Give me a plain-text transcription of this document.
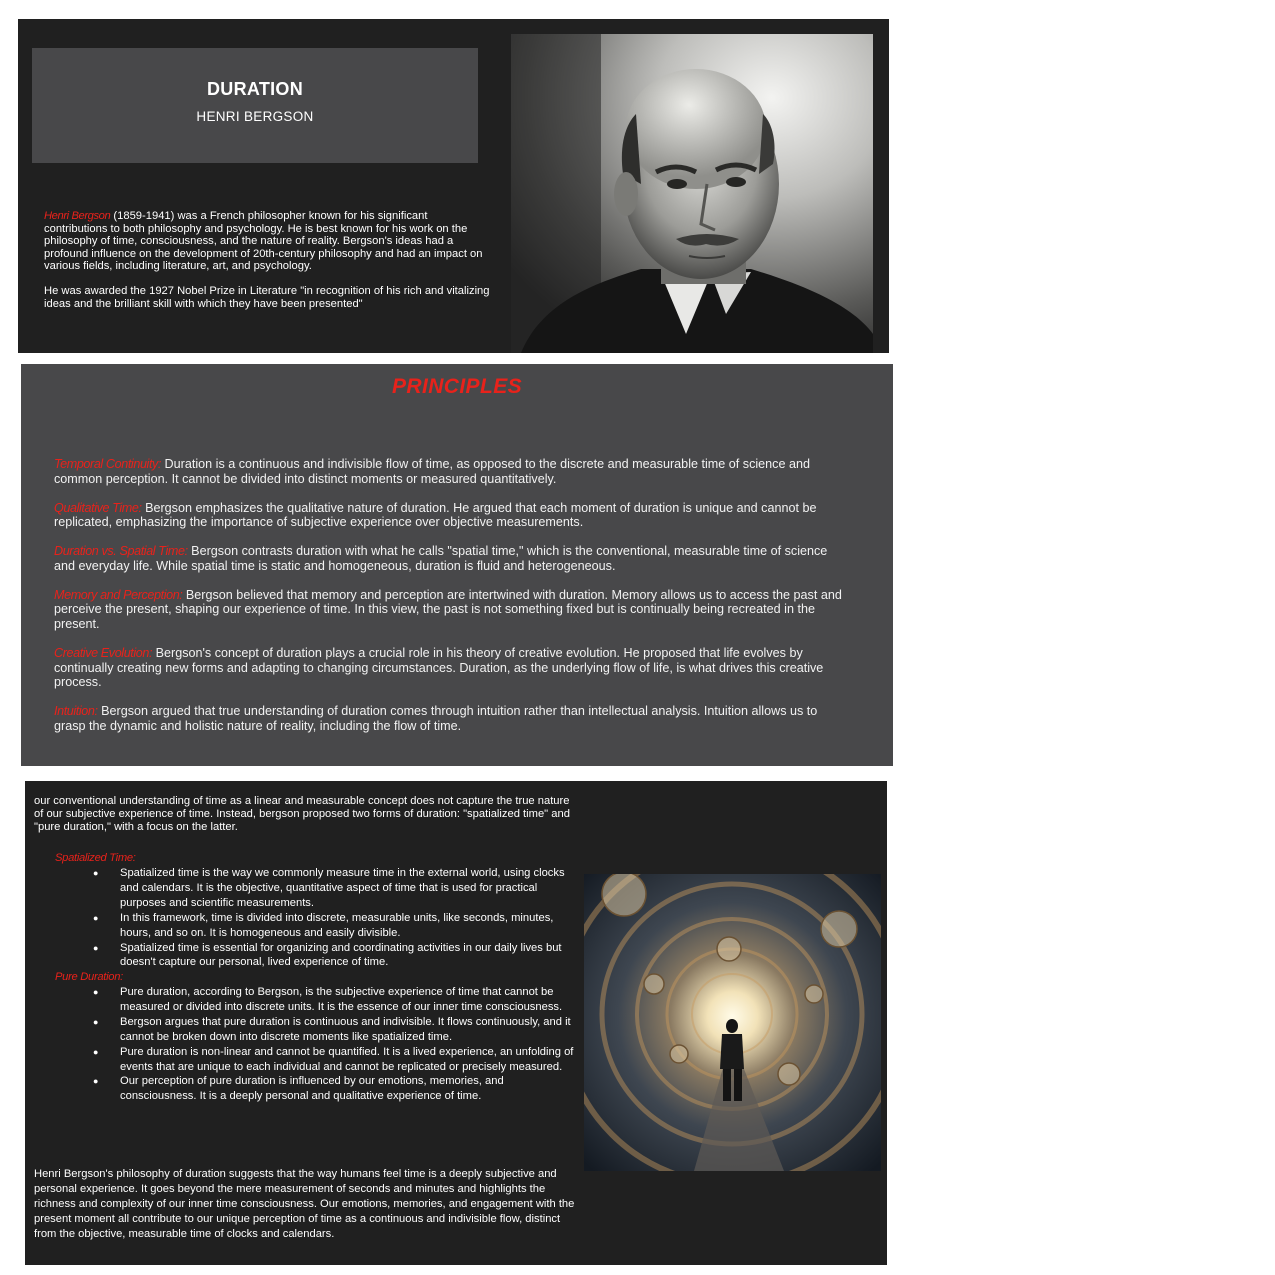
DURATION
HENRI BERGSON

Henri Bergson (1859-1941) was a French philosopher known for his significant contributions to both philosophy and psychology. He is best known for his work on the philosophy of time, consciousness, and the nature of reality. Bergson's ideas had a profound influence on the development of 20th-century philosophy and had an impact on various fields, including literature, art, and psychology.

He was awarded the 1927 Nobel Prize in Literature "in recognition of his rich and vitalizing ideas and the brilliant skill with which they have been presented"

PRINCIPLES

Temporal Continuity: Duration is a continuous and indivisible flow of time, as opposed to the discrete and measurable time of science and common perception. It cannot be divided into distinct moments or measured quantitatively.

Qualitative Time: Bergson emphasizes the qualitative nature of duration. He argued that each moment of duration is unique and cannot be replicated, emphasizing the importance of subjective experience over objective measurements.

Duration vs. Spatial Time: Bergson contrasts duration with what he calls "spatial time," which is the conventional, measurable time of science and everyday life. While spatial time is static and homogeneous, duration is fluid and heterogeneous.

Memory and Perception: Bergson believed that memory and perception are intertwined with duration. Memory allows us to access the past and perceive the present, shaping our experience of time. In this view, the past is not something fixed but is continually being recreated in the present.

Creative Evolution: Bergson's concept of duration plays a crucial role in his theory of creative evolution. He proposed that life evolves by continually creating new forms and adapting to changing circumstances. Duration, as the underlying flow of life, is what drives this creative process.

Intuition: Bergson argued that true understanding of duration comes through intuition rather than intellectual analysis. Intuition allows us to grasp the dynamic and holistic nature of reality, including the flow of time.

our conventional understanding of time as a linear and measurable concept does not capture the true nature of our subjective experience of time. Instead, bergson proposed two forms of duration: "spatialized time" and "pure duration," with a focus on the latter.
Spatialized Time:
● Spatialized time is the way we commonly measure time in the external world, using clocks and calendars. It is the objective, quantitative aspect of time that is used for practical purposes and scientific measurements.
● In this framework, time is divided into discrete, measurable units, like seconds, minutes, hours, and so on. It is homogeneous and easily divisible.
● Spatialized time is essential for organizing and coordinating activities in our daily lives but doesn't capture our personal, lived experience of time.
Pure Duration:
● Pure duration, according to Bergson, is the subjective experience of time that cannot be measured or divided into discrete units. It is the essence of our inner time consciousness.
● Bergson argues that pure duration is continuous and indivisible. It flows continuously, and it cannot be broken down into discrete moments like spatialized time.
● Pure duration is non-linear and cannot be quantified. It is a lived experience, an unfolding of events that are unique to each individual and cannot be replicated or precisely measured.
● Our perception of pure duration is influenced by our emotions, memories, and consciousness. It is a deeply personal and qualitative experience of time.
Henri Bergson's philosophy of duration suggests that the way humans feel time is a deeply subjective and personal experience. It goes beyond the mere measurement of seconds and minutes and highlights the richness and complexity of our inner time consciousness. Our emotions, memories, and engagement with the present moment all contribute to our unique perception of time as a continuous and indivisible flow, distinct from the objective, measurable time of clocks and calendars.
